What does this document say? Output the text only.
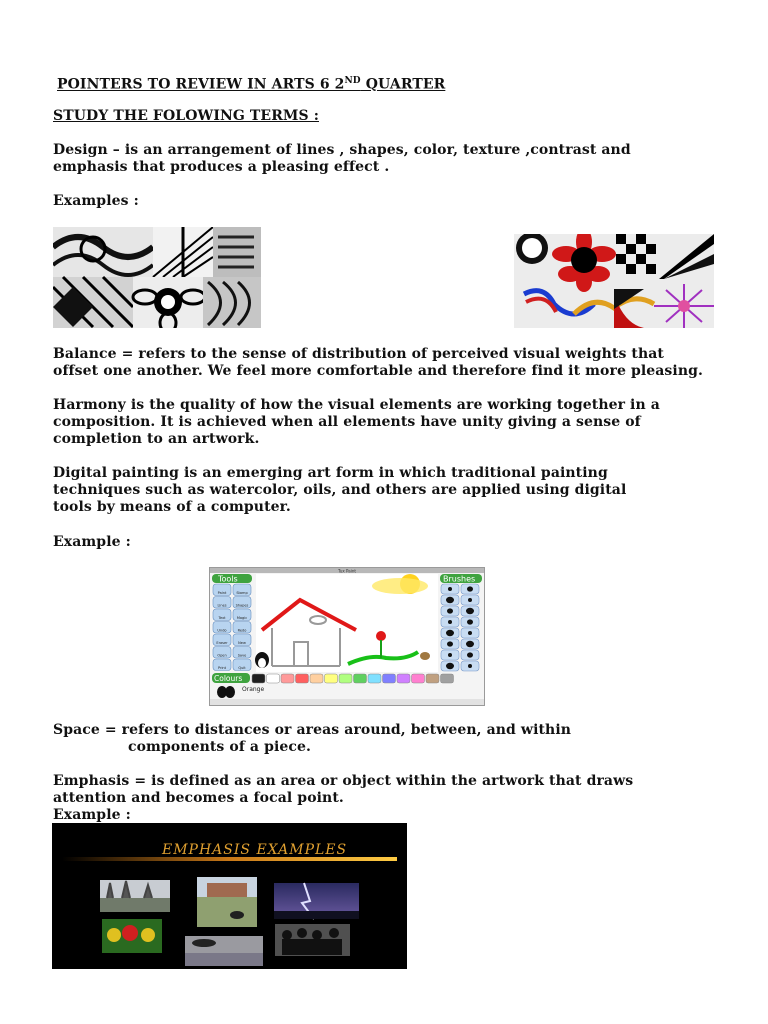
POINTERS TO REVIEW IN ARTS 6 2ND QUARTER
STUDY THE FOLOWING TERMS :
Design – is an arrangement of lines , shapes, color, texture ,contrast and
emphasis that produces a pleasing effect .
Examples :
Balance = refers to the sense of distribution of perceived visual weights that
offset one another. We feel more comfortable and therefore find it more pleasing.
Harmony is the quality of how the visual elements are working together in a
composition. It is achieved when all elements have unity giving a sense of
completion to an artwork.
Digital painting is an emerging art form in which traditional painting
techniques such as watercolor, oils, and others are applied using digital
tools by means of a computer.
Example :
Tux Paint
Tools	Brushes
Paint	Stamp
Lines	Shapes
Text	Magic
Undo	Redo
Eraser	New
Open	Save
Print	Quit
Colours
Orange
Space = refers to distances or areas around, between, and within
components of a piece.
Emphasis = is defined as an area or object within the artwork that draws
attention and becomes a focal point.
Example :
EMPHASIS EXAMPLES
